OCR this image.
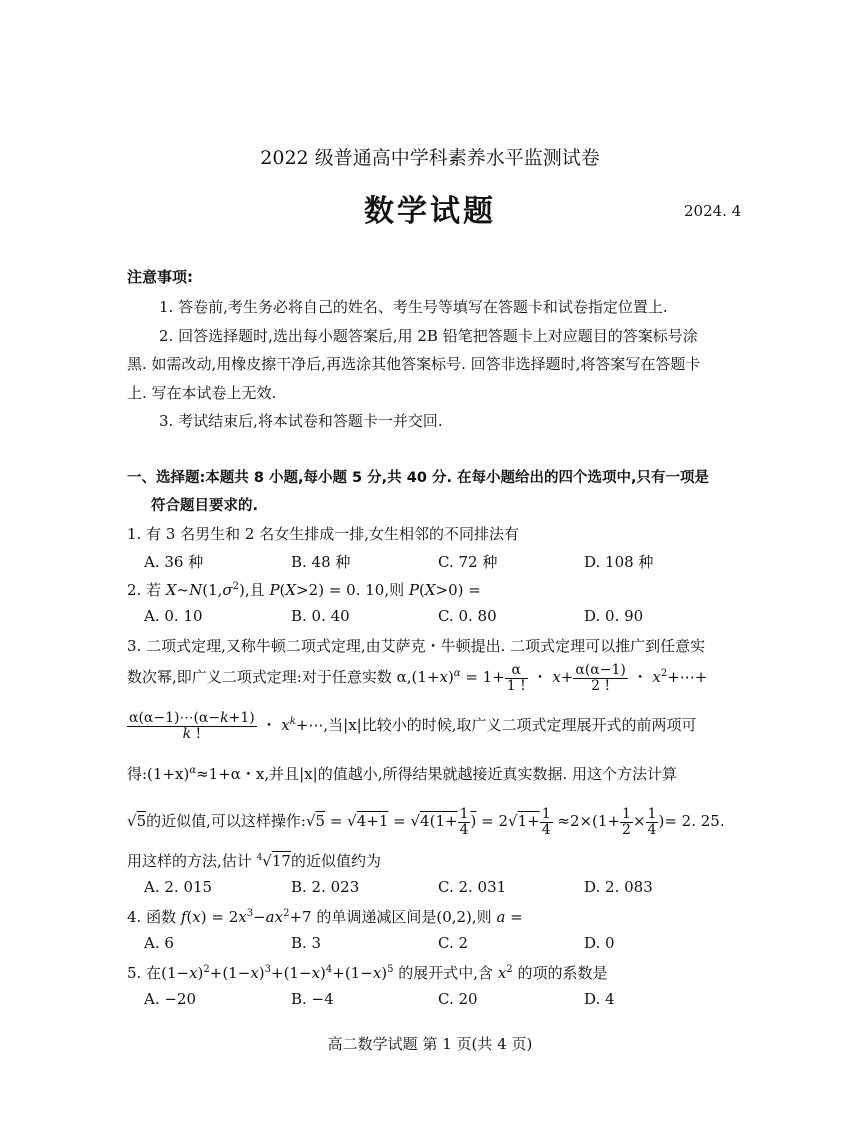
2022 级普通高中学科素养水平监测试卷
数学试题	2024. 4
注意事项:
1. 答卷前,考生务必将自己的姓名、考生号等填写在答题卡和试卷指定位置上.
2. 回答选择题时,选出每小题答案后,用 2B 铅笔把答题卡上对应题目的答案标号涂
黑. 如需改动,用橡皮擦干净后,再选涂其他答案标号. 回答非选择题时,将答案写在答题卡
上. 写在本试卷上无效.
3. 考试结束后,将本试卷和答题卡一并交回.
一、选择题:本题共 8 小题,每小题 5 分,共 40 分. 在每小题给出的四个选项中,只有一项是
符合题目要求的.
1. 有 3 名男生和 2 名女生排成一排,女生相邻的不同排法有
A. 36 种	B. 48 种	C. 72 种	D. 108 种
2. 若 $X\sim N(1,\sigma^2)$,且 P(X>2) = 0. 10,则 P(X>0) =
A. 0. 10	B. 0. 40	C. 0. 80	D. 0. 90
3. 二项式定理,又称牛顿二项式定理,由艾萨克・牛顿提出. 二项式定理可以推广到任意实
数次幂,即广义二项式定理:对于任意实数 $\alpha,(1+x)^\alpha = 1+ \frac{\alpha}{1 !}$ ・ $x+ \frac{\alpha(\alpha-1)}{2 !}$ ・ $x^2+\cdots+$
$\frac{\alpha(\alpha-1)\cdots(\alpha-k+1)}{k !}$ ・ $x^k+\cdots$,当|x|比较小的时候,取广义二项式定理展开式的前两项可
得$:(1+x)^\alpha\approx 1+\alpha$・x,并且|x|的值越小,所得结果就越接近真实数据. 用这个方法计算
√5的近似值,可以这样操作:√5 = $√4+1 = √4(1+ \frac{1}{4}$ ) = $2√1+ \frac{1}{4} \approx 2\times(1+ \frac{1}{2} \times \frac{1}{4}$ )= 2. 25.
用这样的方法,估计 $^4$√17的近似值约为
A. 2. 015	B. 2. 023	C. 2. 031	D. 2. 083
4. 函数 $f(x) = 2x^3-ax^2+7$ 的单调递减区间是(0,2),则 a =
A. 6	B. 3	C. 2	D. 0
5. 在$(1-x)^2+(1-x)^3+(1-x)^4+(1-x)^5$ 的展开式中,含 $x^2$ 的项的系数是
A. −20	B. −4	C. 20	D. 4
高二数学试题 第 1 页(共 4 页)
